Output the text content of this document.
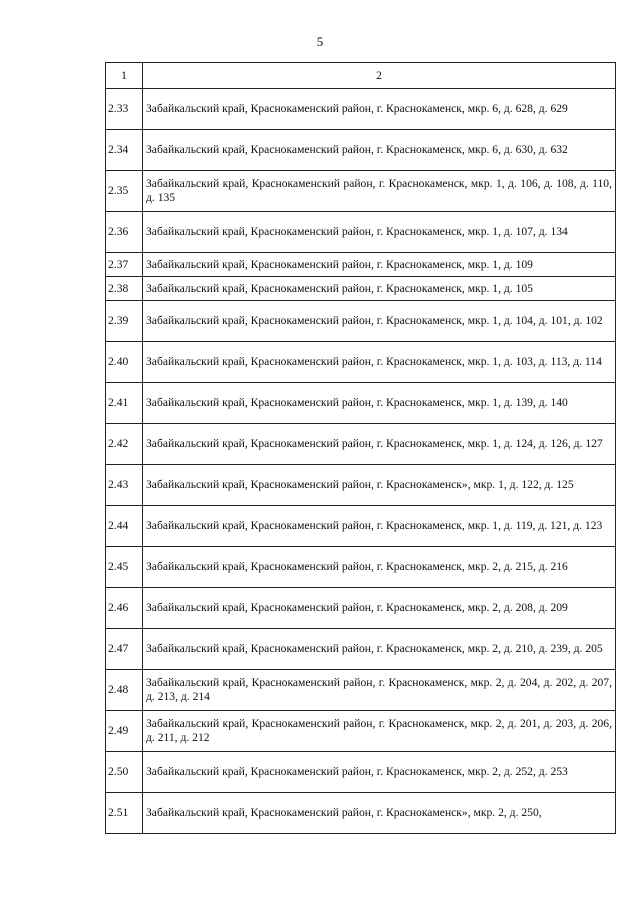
5
1	2
2.33	Забайкальский край, Краснокаменский район, г. Краснокаменск, мкр. 6, д. 628, д. 629
2.34	Забайкальский край, Краснокаменский район, г. Краснокаменск, мкр. 6, д. 630, д. 632
2.35	Забайкальский край, Краснокаменский район, г. Краснокаменск, мкр. 1, д. 106, д. 108, д. 110, д. 135
2.36	Забайкальский край, Краснокаменский район, г. Краснокаменск, мкр. 1, д. 107, д. 134
2.37	Забайкальский край, Краснокаменский район, г. Краснокаменск, мкр. 1, д. 109
2.38	Забайкальский край, Краснокаменский район, г. Краснокаменск, мкр. 1, д. 105
2.39	Забайкальский край, Краснокаменский район, г. Краснокаменск, мкр. 1, д. 104, д. 101, д. 102
2.40	Забайкальский край, Краснокаменский район, г. Краснокаменск, мкр. 1, д. 103, д. 113, д. 114
2.41	Забайкальский край, Краснокаменский район, г. Краснокаменск, мкр. 1, д. 139, д. 140
2.42	Забайкальский край, Краснокаменский район, г. Краснокаменск, мкр. 1, д. 124, д. 126, д. 127
2.43	Забайкальский край, Краснокаменский район, г. Краснокаменск», мкр. 1, д. 122, д. 125
2.44	Забайкальский край, Краснокаменский район, г. Краснокаменск, мкр. 1, д. 119, д. 121, д. 123
2.45	Забайкальский край, Краснокаменский район, г. Краснокаменск, мкр. 2, д. 215, д. 216
2.46	Забайкальский край, Краснокаменский район, г. Краснокаменск, мкр. 2, д. 208, д. 209
2.47	Забайкальский край, Краснокаменский район, г. Краснокаменск, мкр. 2, д. 210, д. 239, д. 205
2.48	Забайкальский край, Краснокаменский район, г. Краснокаменск, мкр. 2, д. 204, д. 202, д. 207, д. 213, д. 214
2.49	Забайкальский край, Краснокаменский район, г. Краснокаменск, мкр. 2, д. 201, д. 203, д. 206, д. 211, д. 212
2.50	Забайкальский край, Краснокаменский район, г. Краснокаменск, мкр. 2, д. 252, д. 253
2.51	Забайкальский край, Краснокаменский район, г. Краснокаменск», мкр. 2, д. 250,
